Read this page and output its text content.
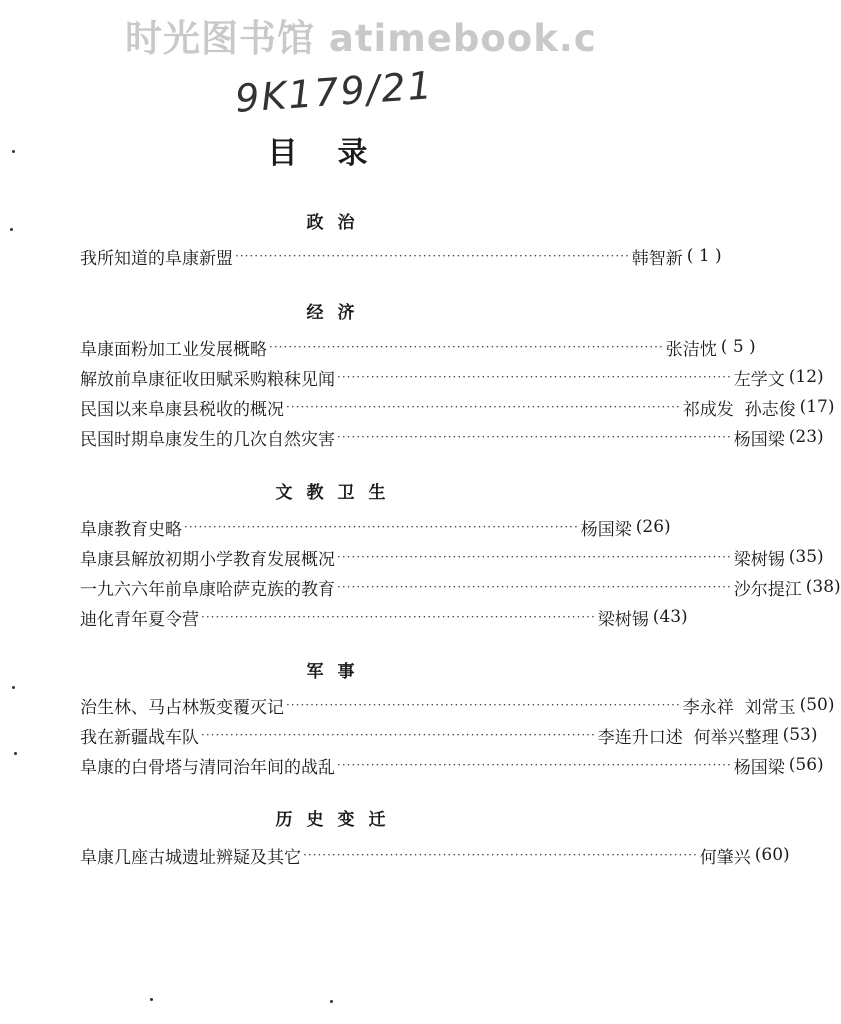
时光图书馆 atimebook.c
9K179/21
目录
政治
我所知道的阜康新盟 ·················································································· 韩智新 ( 1 )
经济
阜康面粉加工业发展概略 ·················································································· 张洁忱 ( 5 )
解放前阜康征收田赋采购粮秣见闻 ·················································································· 左学文 (12)
民国以来阜康县税收的概况 ·················································································· 祁成发  孙志俊 (17)
民国时期阜康发生的几次自然灾害 ·················································································· 杨国梁 (23)
文教卫生
阜康教育史略 ·················································································· 杨国梁 (26)
阜康县解放初期小学教育发展概况 ·················································································· 梁树锡 (35)
一九六六年前阜康哈萨克族的教育 ·················································································· 沙尔提江 (38)
迪化青年夏令营 ·················································································· 梁树锡 (43)
军事
治生林、马占林叛变覆灭记 ·················································································· 李永祥  刘常玉 (50)
我在新疆战车队 ·················································································· 李连升口述  何举兴整理 (53)
阜康的白骨塔与清同治年间的战乱 ·················································································· 杨国梁 (56)
历史变迁
阜康几座古城遗址辨疑及其它 ·················································································· 何肇兴 (60)
